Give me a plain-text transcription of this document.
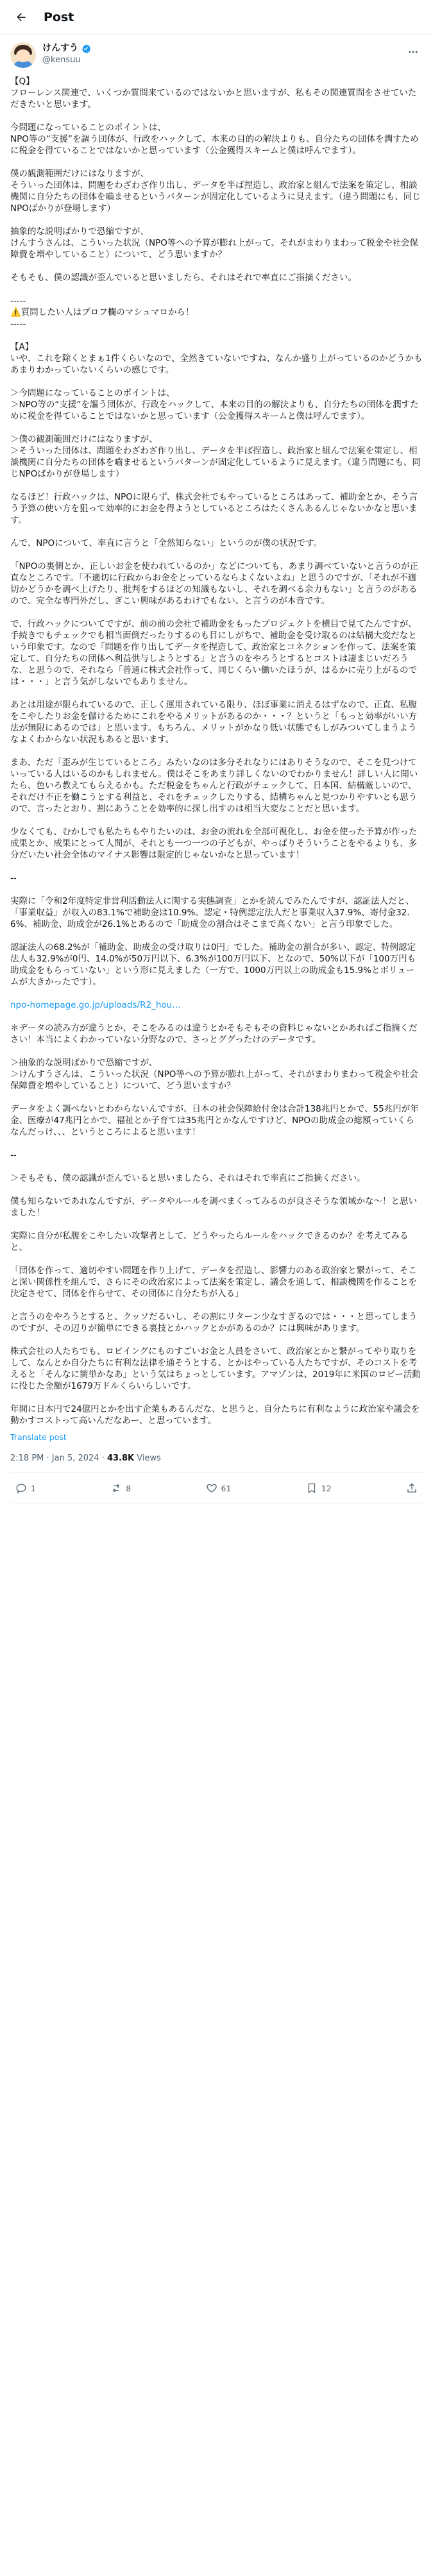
Post
けんすう
@kensuu

【Q】

フローレンス関連で、いくつか質問来ているのではないかと思いますが、私もその関連質問をさせていただきたいと思います。

今問題になっていることのポイントは、
NPO等の“支援”を謳う団体が、行政をハックして、本来の目的の解決よりも、自分たちの団体を潤すために税金を得ていることではないかと思っています（公金獲得スキームと僕は呼んでます）。

僕の観測範囲だけにはなりますが、
そういった団体は、問題をわざわざ作り出し、データを半ば捏造し、政治家と組んで法案を策定し、相談機関に自分たちの団体を嚙ませるというパターンが固定化しているように見えます。（違う問題にも、同じNPOばかりが登場します）

抽象的な説明ばかりで恐縮ですが、
けんすうさんは、こういった状況（NPO等への予算が膨れ上がって、それがまわりまわって税金や社会保障費を増やしていること）について、どう思いますか？

そもそも、僕の認識が歪んでいると思いましたら、それはそれで率直にご指摘ください。

-----

⚠️質問したい人はプロフ欄のマシュマロから！

-----

【A】

いや、これを除くとまぁ1件くらいなので、全然きていないですね、なんか盛り上がっているのかどうかもあまりわかっていないくらいの感じです。

＞今問題になっていることのポイントは、
＞NPO等の“支援”を謳う団体が、行政をハックして、本来の目的の解決よりも、自分たちの団体を潤すために税金を得ていることではないかと思っています（公金獲得スキームと僕は呼んでます）。

＞僕の観測範囲だけにはなりますが、
＞そういった団体は、問題をわざわざ作り出し、データを半ば捏造し、政治家と組んで法案を策定し、相談機関に自分たちの団体を嚙ませるというパターンが固定化しているように見えます。（違う問題にも、同じNPOばかりが登場します）

なるほど！行政ハックは、NPOに限らず、株式会社でもやっているところはあって、補助金とか、そう言う予算の使い方を狙って効率的にお金を得ようとしているところはたくさんあるんじゃないかなと思います。

んで、NPOについて、率直に言うと「全然知らない」というのが僕の状況です。

「NPOの裏側とか、正しいお金を使われているのか」などについても、あまり調べていないと言うのが正直なところです。「不適切に行政からお金をとっているならよくないよね」と思うのですが、「それが不適切かどうかを調べ上げたり、批判をするほどの知識もないし、それを調べる余力もない」と言うのがあるので、完全な専門外だし、ぎこい興味があるわけでもない、と言うのが本音です。

で、行政ハックについてですが、前の前の会社で補助金をもったプロジェクトを横目で見てたんですが、手続きでもチェックでも相当面倒だったりするのも目にしがちで、補助金を受け取るのは結構大変だなという印象です。なので「問題を作り出してデータを捏造して、政治家とコネクションを作って、法案を策定して、自分たちの団体へ利益供与しようとする」と言うのをやろうとするとコストは凄まじいだろうな、と思うので、それなら「普通に株式会社作って、同じくらい働いたほうが、はるかに売り上がるのでは・・・」と言う気がしないでもありません。

あとは用途が限られているので、正しく運用されている限り、ほぼ事業に消えるはずなので、正直、私腹をこやしたりお金を儲けるためにこれをやるメリットがあるのか・・・？というと「もっと効率がいい方法が無限にあるのでは」と思います。もちろん、メリットがかなり低い状態でもしがみついてしまうようなよくわからない状況もあると思います。

まあ、ただ「歪みが生じているところ」みたいなのは多分それなりにはありそうなので、そこを見つけていっている人はいるのかもしれません。僕はそこをあまり詳しくないのでわかりません！詳しい人に聞いたら、色いろ教えてもらえるかも。ただ税金をちゃんと行政がチェックして、日本国、結構厳しいので、それだけ不正を働こうとする利益と、それをチェックしたりする、結構ちゃんと見つかりやすいとも思うので、言ったとおり、割にあうことを効率的に探し出すのは相当大変なことだと思います。

少なくても、むかしでも私たちもやりたいのは、お金の流れを全部可視化し、お金を使った予算が作った成果とか、成果にとって人間が、それとも一つ一つの子どもが、やっぱりそういうことをやるよりも、多分だいたい社会全体のマイナス影響は限定的じゃないかなと思っています！

--

実際に「令和2年度特定非営利活動法人に関する実態調査」とかを読んでみたんですが、認証法人だと、「事業収益」が収入の83.1%で補助金は10.9%。認定・特例認定法人だと事業収入37.9%、寄付金32.6%、補助金、助成金が26.1%とあるので「助成金の割合はそこまで高くない」と言う印象でした。

認証法人の68.2%が「補助金、助成金の受け取りは0円」でした。補助金の割合が多い、認定、特例認定法人も32.9%が0円、14.0%が50万円以下、6.3%が100万円以下、となので、50%以下が「100万円も助成金をもらっていない」という形に見えました（一方で、1000万円以上の助成金も15.9%とボリュームが大きかったです）。

npo-homepage.go.jp/uploads/R2_hou…

＊データの読み方が違うとか、そこをみるのは違うとかそもそもその資料じゃないとかあればご指摘ください！本当によくわかっていない分野なので、さっとググったけのデータです。

＞抽象的な説明ばかりで恐縮ですが、
＞けんすうさんは、こういった状況（NPO等への予算が膨れ上がって、それがまわりまわって税金や社会保障費を増やしていること）について、どう思いますか？

データをよく調べないとわからないんですが、日本の社会保障給付金は合計138兆円とかで、55兆円が年金、医療が47兆円とかで、福祉とか子育ては35兆円とかなんですけど、NPOの助成金の総額っていくらなんだっけ、、、というところによると思います！

--

＞そもそも、僕の認識が歪んでいると思いましたら、それはそれで率直にご指摘ください。

僕も知らないであれなんですが、データやルールを調べまくってみるのが良さそうな領域かな〜！と思いました！

実際に自分が私腹をこやしたい攻撃者として、どうやったらルールをハックできるのか？を考えてみると、

「団体を作って、適切やすい問題を作り上げて、データを捏造し、影響力のある政治家と繋がって、そこと深い関係性を組んで、さらにその政治家によって法案を策定し、議会を通して、相談機関を作ることを決定させて、団体を作らせて、その団体に自分たちが入る」

と言うのをやろうとすると、クッソだるいし、その割にリターン少なすぎるのでは・・・と思ってしまうのですが、その辺りが簡単にできる裏技とかハックとかがあるのか？には興味があります。

株式会社の人たちでも、ロビイングにものすごいお金と人員をさいて、政治家とかと繋がってやり取りをして、なんとか自分たちに有利な法律を通そうとする、とかはやっている人たちですが、そのコストを考えると「そんなに簡単かなあ」という気はちょっとしています。アマゾンは、2019年に米国のロビー活動に投じた金額が1679万ドルくらいらしいです。

年間に日本円で24億円とかを出す企業もあるんだな、と思うと、自分たちに有利なように政治家や議会を動かすコストって高いんだなあー、と思っています。

Translate post
2:18 PM · Jan 5, 2024 · 43.8K Views
1	8	61	12
